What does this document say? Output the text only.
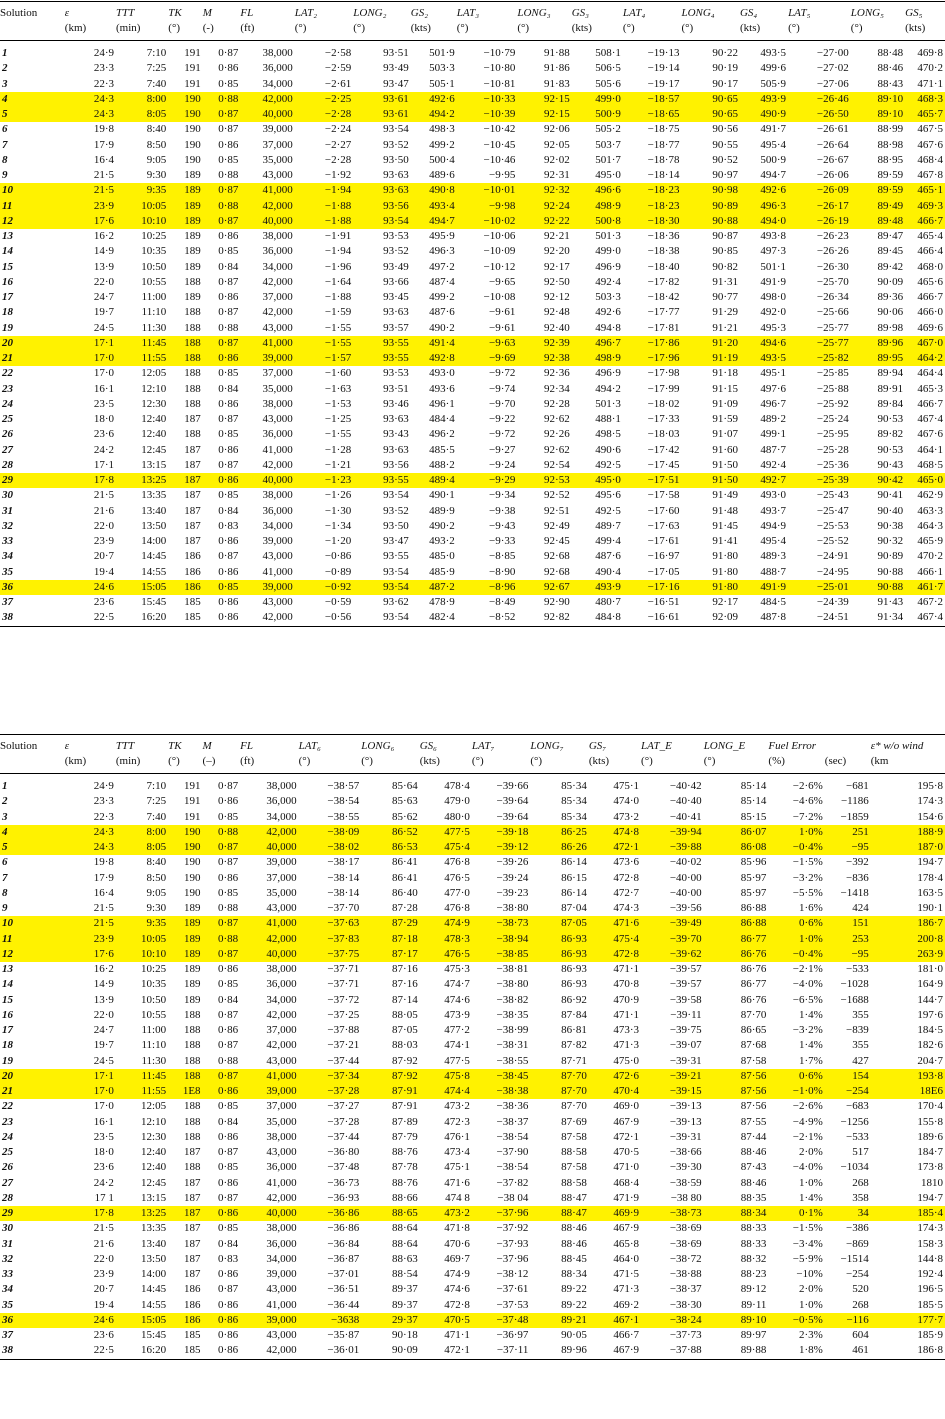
Solution	ε	TTT	TK	M	FL	LAT₂	LONG₂	GS₂	LAT₃	LONG₃	GS₃	LAT₄	LONG₄	GS₄	LAT₅	LONG₅	GS₅
	(km)	(min)	(°)	(-)	(ft)	(°)	(°)	(kts)	(°)	(°)	(kts)	(°)	(°)	(kts)	(°)	(°)	(kts)

1	24·9	7:10	191	0·87	38,000	−2·58	93·51	501·9	−10·79	91·88	508·1	−19·13	90·22	493·5	−27·00	88·48	469·8
2	23·3	7:25	191	0·86	36,000	−2·59	93·49	503·3	−10·80	91·86	506·5	−19·14	90·19	499·6	−27·02	88·46	470·2
3	22·3	7:40	191	0·85	34,000	−2·61	93·47	505·1	−10·81	91·83	505·6	−19·17	90·17	505·9	−27·06	88·43	471·1
4	24·3	8:00	190	0·88	42,000	−2·25	93·61	492·6	−10·33	92·15	499·0	−18·57	90·65	493·9	−26·46	89·10	468·3
5	24·3	8:05	190	0·87	40,000	−2·28	93·61	494·2	−10·39	92·15	500·9	−18·65	90·65	490·9	−26·50	89·10	465·7
6	19·8	8:40	190	0·87	39,000	−2·24	93·54	498·3	−10·42	92·06	505·2	−18·75	90·56	491·7	−26·61	88·99	467·5
7	17·9	8:50	190	0·86	37,000	−2·27	93·52	499·2	−10·45	92·05	503·7	−18·77	90·55	495·4	−26·64	88·98	467·6
8	16·4	9:05	190	0·85	35,000	−2·28	93·50	500·4	−10·46	92·02	501·7	−18·78	90·52	500·9	−26·67	88·95	468·4
9	21·5	9:30	189	0·88	43,000	−1·92	93·63	489·6	−9·95	92·31	495·0	−18·14	90·97	494·7	−26·06	89·59	467·8
10	21·5	9:35	189	0·87	41,000	−1·94	93·63	490·8	−10·01	92·32	496·6	−18·23	90·98	492·6	−26·09	89·59	465·1
11	23·9	10:05	189	0·88	42,000	−1·88	93·56	493·4	−9·98	92·24	498·9	−18·23	90·89	496·3	−26·17	89·49	469·3
12	17·6	10:10	189	0·87	40,000	−1·88	93·54	494·7	−10·02	92·22	500·8	−18·30	90·88	494·0	−26·19	89·48	466·7
13	16·2	10:25	189	0·86	38,000	−1·91	93·53	495·9	−10·06	92·21	501·3	−18·36	90·87	493·8	−26·23	89·47	465·4
14	14·9	10:35	189	0·85	36,000	−1·94	93·52	496·3	−10·09	92·20	499·0	−18·38	90·85	497·3	−26·26	89·45	466·4
15	13·9	10:50	189	0·84	34,000	−1·96	93·49	497·2	−10·12	92·17	496·9	−18·40	90·82	501·1	−26·30	89·42	468·0
16	22·0	10:55	188	0·87	42,000	−1·64	93·66	487·4	−9·65	92·50	492·4	−17·82	91·31	491·9	−25·70	90·09	465·6
17	24·7	11:00	189	0·86	37,000	−1·88	93·45	499·2	−10·08	92·12	503·3	−18·42	90·77	498·0	−26·34	89·36	466·7
18	19·7	11:10	188	0·87	42,000	−1·59	93·63	487·6	−9·61	92·48	492·6	−17·77	91·29	492·0	−25·66	90·06	466·0
19	24·5	11:30	188	0·88	43,000	−1·55	93·57	490·2	−9·61	92·40	494·8	−17·81	91·21	495·3	−25·77	89·98	469·6
20	17·1	11:45	188	0·87	41,000	−1·55	93·55	491·4	−9·63	92·39	496·7	−17·86	91·20	494·6	−25·77	89·96	467·0
21	17·0	11:55	188	0·86	39,000	−1·57	93·55	492·8	−9·69	92·38	498·9	−17·96	91·19	493·5	−25·82	89·95	464·2
22	17·0	12:05	188	0·85	37,000	−1·60	93·53	493·0	−9·72	92·36	496·9	−17·98	91·18	495·1	−25·85	89·94	464·4
23	16·1	12:10	188	0·84	35,000	−1·63	93·51	493·6	−9·74	92·34	494·2	−17·99	91·15	497·6	−25·88	89·91	465·3
24	23·5	12:30	188	0·86	38,000	−1·53	93·46	496·1	−9·70	92·28	501·3	−18·02	91·09	496·7	−25·92	89·84	466·7
25	18·0	12:40	187	0·87	43,000	−1·25	93·63	484·4	−9·22	92·62	488·1	−17·33	91·59	489·2	−25·24	90·53	467·4
26	23·6	12:40	188	0·85	36,000	−1·55	93·43	496·2	−9·72	92·26	498·5	−18·03	91·07	499·1	−25·95	89·82	467·6
27	24·2	12:45	187	0·86	41,000	−1·28	93·63	485·5	−9·27	92·62	490·6	−17·42	91·60	487·7	−25·28	90·53	464·1
28	17·1	13:15	187	0·87	42,000	−1·21	93·56	488·2	−9·24	92·54	492·5	−17·45	91·50	492·4	−25·36	90·43	468·5
29	17·8	13:25	187	0·86	40,000	−1·23	93·55	489·4	−9·29	92·53	495·0	−17·51	91·50	492·7	−25·39	90·42	465·0
30	21·5	13:35	187	0·85	38,000	−1·26	93·54	490·1	−9·34	92·52	495·6	−17·58	91·49	493·0	−25·43	90·41	462·9
31	21·6	13:40	187	0·84	36,000	−1·30	93·52	489·9	−9·38	92·51	492·5	−17·60	91·48	493·7	−25·47	90·40	463·3
32	22·0	13:50	187	0·83	34,000	−1·34	93·50	490·2	−9·43	92·49	489·7	−17·63	91·45	494·9	−25·53	90·38	464·3
33	23·9	14:00	187	0·86	39,000	−1·20	93·47	493·2	−9·33	92·45	499·4	−17·61	91·41	495·4	−25·52	90·32	465·9
34	20·7	14:45	186	0·87	43,000	−0·86	93·55	485·0	−8·85	92·68	487·6	−16·97	91·80	489·3	−24·91	90·89	470·2
35	19·4	14:55	186	0·86	41,000	−0·89	93·54	485·9	−8·90	92·68	490·4	−17·05	91·80	488·7	−24·95	90·88	466·1
36	24·6	15:05	186	0·85	39,000	−0·92	93·54	487·2	−8·96	92·67	493·9	−17·16	91·80	491·9	−25·01	90·88	461·7
37	23·6	15:45	185	0·86	43,000	−0·59	93·62	478·9	−8·49	92·90	480·7	−16·51	92·17	484·5	−24·39	91·43	467·2
38	22·5	16:20	185	0·86	42,000	−0·56	93·54	482·4	−8·52	92·82	484·8	−16·61	92·09	487·8	−24·51	91·34	467·4
Solution	ε	TTT	TK	M	FL	LAT₆	LONG₆	GS₆	LAT₇	LONG₇	GS₇	LAT_E	LONG_E	Fuel Error		ε* w/o wind
	(km)	(min)	(°)	(–)	(ft)	(°)	(°)	(kts)	(°)	(°)	(kts)	(°)	(°)	(%)	(sec)	(km

1	24·9	7:10	191	0·87	38,000	−38·57	85·64	478·4	−39·66	85·34	475·1	−40·42	85·14	−2·6%	−681	195·8
2	23·3	7:25	191	0·86	36,000	−38·54	85·63	479·0	−39·64	85·34	474·0	−40·40	85·14	−4·6%	−1186	174·3
3	22·3	7:40	191	0·85	34,000	−38·55	85·62	480·0	−39·64	85·34	473·2	−40·41	85·15	−7·2%	−1859	154·6
4	24·3	8:00	190	0·88	42,000	−38·09	86·52	477·5	−39·18	86·25	474·8	−39·94	86·07	1·0%	251	188·9
5	24·3	8:05	190	0·87	40,000	−38·02	86·53	475·4	−39·12	86·26	472·1	−39·88	86·08	−0·4%	−95	187·0
6	19·8	8:40	190	0·87	39,000	−38·17	86·41	476·8	−39·26	86·14	473·6	−40·02	85·96	−1·5%	−392	194·7
7	17·9	8:50	190	0·86	37,000	−38·14	86·41	476·5	−39·24	86·15	472·8	−40·00	85·97	−3·2%	−836	178·4
8	16·4	9:05	190	0·85	35,000	−38·14	86·40	477·0	−39·23	86·14	472·7	−40·00	85·97	−5·5%	−1418	163·5
9	21·5	9:30	189	0·88	43,000	−37·70	87·28	476·8	−38·80	87·04	474·3	−39·56	86·88	1·6%	424	190·1
10	21·5	9:35	189	0·87	41,000	−37·63	87·29	474·9	−38·73	87·05	471·6	−39·49	86·88	0·6%	151	186·7
11	23·9	10:05	189	0·88	42,000	−37·83	87·18	478·3	−38·94	86·93	475·4	−39·70	86·77	1·0%	253	200·8
12	17·6	10:10	189	0·87	40,000	−37·75	87·17	476·5	−38·85	86·93	472·8	−39·62	86·76	−0·4%	−95	263·9
13	16·2	10:25	189	0·86	38,000	−37·71	87·16	475·3	−38·81	86·93	471·1	−39·57	86·76	−2·1%	−533	181·0
14	14·9	10:35	189	0·85	36,000	−37·71	87·16	474·7	−38·80	86·93	470·8	−39·57	86·77	−4·0%	−1028	164·9
15	13·9	10:50	189	0·84	34,000	−37·72	87·14	474·6	−38·82	86·92	470·9	−39·58	86·76	−6·5%	−1688	144·7
16	22·0	10:55	188	0·87	42,000	−37·25	88·05	473·9	−38·35	87·84	471·1	−39·11	87·70	1·4%	355	197·6
17	24·7	11:00	188	0·86	37,000	−37·88	87·05	477·2	−38·99	86·81	473·3	−39·75	86·65	−3·2%	−839	184·5
18	19·7	11:10	188	0·87	42,000	−37·21	88·03	474·1	−38·31	87·82	471·3	−39·07	87·68	1·4%	355	182·6
19	24·5	11:30	188	0·88	43,000	−37·44	87·92	477·5	−38·55	87·71	475·0	−39·31	87·58	1·7%	427	204·7
20	17·1	11:45	188	0·87	41,000	−37·34	87·92	475·8	−38·45	87·70	472·6	−39·21	87·56	0·6%	154	193·8
21	17·0	11:55	1E8	0·86	39,000	−37·28	87·91	474·4	−38·38	87·70	470·4	−39·15	87·56	−1·0%	−254	18E6
22	17·0	12:05	188	0·85	37,000	−37·27	87·91	473·2	−38·36	87·70	469·0	−39·13	87·56	−2·6%	−683	170·4
23	16·1	12:10	188	0·84	35,000	−37·28	87·89	472·3	−38·37	87·69	467·9	−39·13	87·55	−4·9%	−1256	155·8
24	23·5	12:30	188	0·86	38,000	−37·44	87·79	476·1	−38·54	87·58	472·1	−39·31	87·44	−2·1%	−533	189·6
25	18·0	12:40	187	0·87	43,000	−36·80	88·76	473·4	−37·90	88·58	470·5	−38·66	88·46	2·0%	517	184·7
26	23·6	12:40	188	0·85	36,000	−37·48	87·78	475·1	−38·54	87·58	471·0	−39·30	87·43	−4·0%	−1034	173·8
27	24·2	12:45	187	0·86	41,000	−36·73	88·76	471·6	−37·82	88·58	468·4	−38·59	88·46	1·0%	268	1810
28	17 1	13:15	187	0·87	42,000	−36·93	88·66	474 8	−38 04	88·47	471·9	−38 80	88·35	1·4%	358	194·7
29	17·8	13:25	187	0·86	40,000	−36·86	88·65	473·2	−37·96	88·47	469·9	−38·73	88·34	0·1%	34	185·4
30	21·5	13:35	187	0·85	38,000	−36·86	88·64	471·8	−37·92	88·46	467·9	−38·69	88·33	−1·5%	−386	174·3
31	21·6	13:40	187	0·84	36,000	−36·84	88·64	470·6	−37·93	88·46	465·8	−38·69	88·33	−3·4%	−869	158·3
32	22·0	13:50	187	0·83	34,000	−36·87	88·63	469·7	−37·96	88·45	464·0	−38·72	88·32	−5·9%	−1514	144·8
33	23·9	14:00	187	0·86	39,000	−37·01	88·54	474·9	−38·12	88·34	471·5	−38·88	88·23	−10%	−254	192·4
34	20·7	14:45	186	0·87	43,000	−36·51	89·37	474·6	−37·61	89·22	471·3	−38·37	89·12	2·0%	520	196·5
35	19·4	14:55	186	0·86	41,000	−36·44	89·37	472·8	−37·53	89·22	469·2	−38·30	89·11	1·0%	268	185·5
36	24·6	15:05	186	0·86	39,000	−3638	29·37	470·5	−37·48	89·21	467·1	−38·24	89·10	−0·5%	−116	177·7
37	23·6	15:45	185	0·86	43,000	−35·87	90·18	471·1	−36·97	90·05	466·7	−37·73	89·97	2·3%	604	185·9
38	22·5	16:20	185	0·86	42,000	−36·01	90·09	472·1	−37·11	89·96	467·9	−37·88	89·88	1·8%	461	186·8
